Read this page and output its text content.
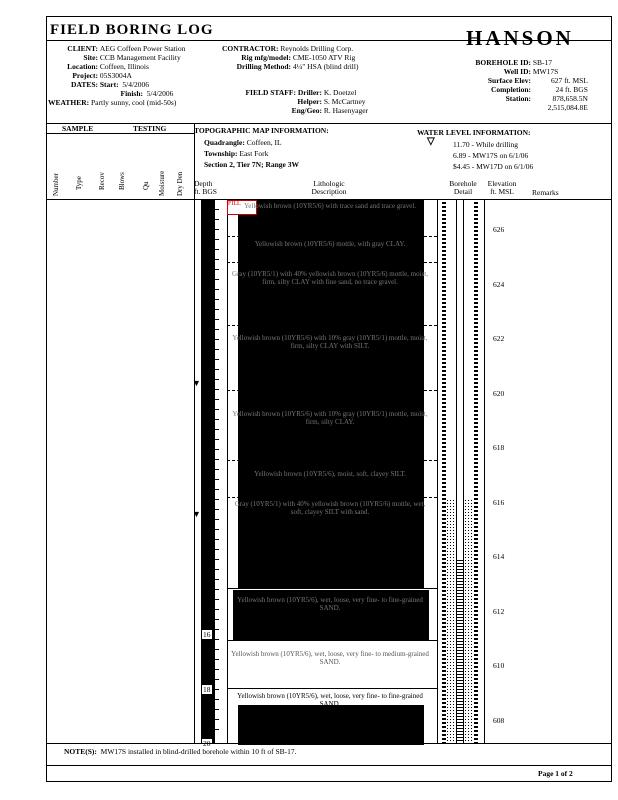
FIELD BORING LOG	HANSON
CLIENT:
AEG Coffeen Power Station
Site:
CCB Management Facility
Location:
Coffeen, Illinois
Project:
05S3004A
DATES:
Start:
5/4/2006
Finish:
5/4/2006
WEATHER:
Partly sunny, cool (mid-50s)
CONTRACTOR: Reynolds Drilling Corp.
Rig mfg/model: CME-1050 ATV Rig
Drilling Method: 4¼" HSA (blind drill)
FIELD STAFF: Driller: K. Doetzel
Helper: S. McCartney
Eng/Geo: R. Hasenyager
BOREHOLE ID:
SB-17
Well ID:
MW17S
Surface Elev:
	627 ft. MSL
Completion:
	24 ft. BGS
Station:
	878,658.5N

2,515,084.8E
SAMPLE	TESTING	TOPOGRAPHIC MAP INFORMATION:
Quadrangle: Coffeen, IL
Township: East Fork
Section 2, Tier 7N; Range 3W
WATER LEVEL INFORMATION:
11.70 - While drilling
6.89 - MW17S on 6/1/06
$4.45 - MW17D on 6/1/06
▽
Number Type Recov Blows Qu Moisture Dry Den Depth
ft. BGS
Lithologic
Description
Borehole
Detail
Elevation
ft. MSL	Remarks
16
18
20
FILL Yellowish brown (10YR5/6) with trace sand and trace gravel.
Yellowish brown (10YR5/6) mottle, with gray CLAY.
Gray (10YR5/1) with 40% yellowish brown (10YR5/6) mottle, moist, firm, silty CLAY with fine sand, no trace gravel.
Yellowish brown (10YR5/6) with 10% gray (10YR5/1) mottle, moist, firm, silty CLAY with SILT.
Yellowish brown (10YR5/6) with 10% gray (10YR5/1) mottle, moist, firm, silty CLAY.
Yellowish brown (10YR5/6), moist, soft, clayey SILT.
Gray (10YR5/1) with 40% yellowish brown (10YR5/6) mottle, wet, soft, clayey SILT with sand.
Yellowish brown (10YR5/6), wet, loose, very fine- to fine-grained SAND.
Yellowish brown (10YR5/6), wet, loose, very fine- to medium-grained SAND.
Yellowish brown (10YR5/6), wet, loose, very fine- to fine-grained SAND.
▼
▼
626
624
622
620
618
616
614
612
610
608
NOTE(S): MW17S installed in blind-drilled borehole within 10 ft of SB-17.
Page 1 of 2
